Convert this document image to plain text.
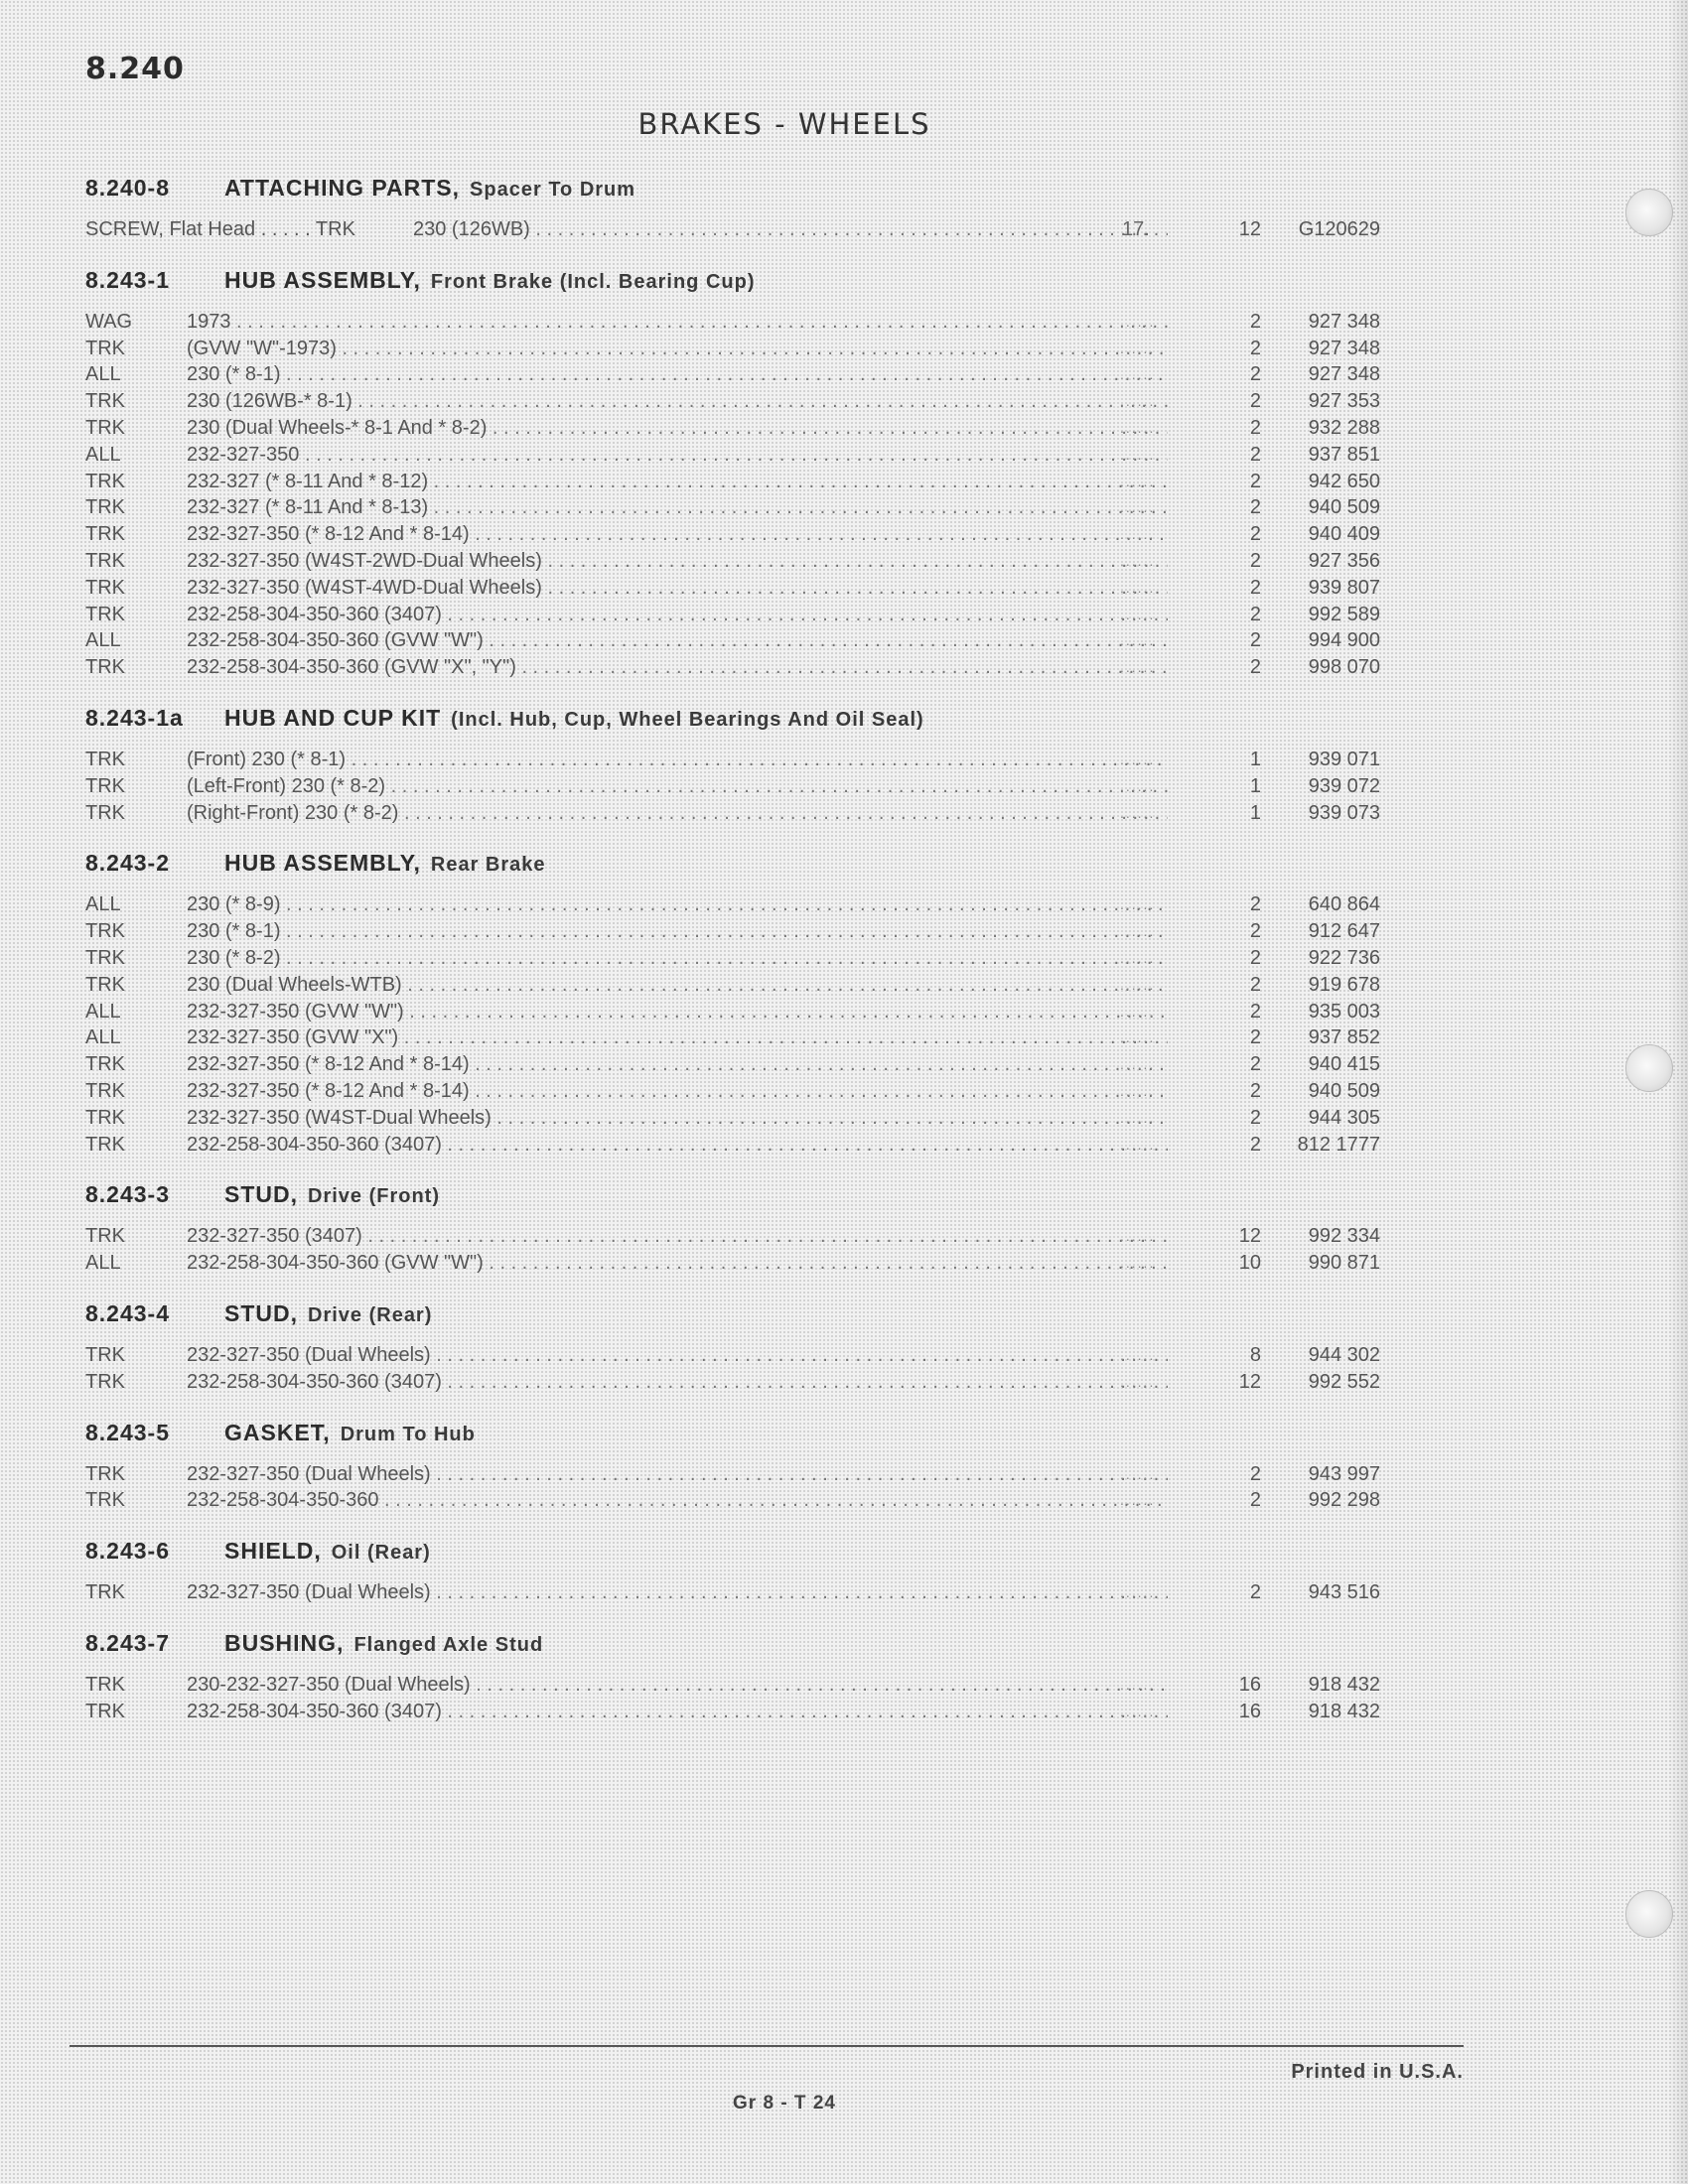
8.240
BRAKES - WHEELS
8.240-8 ATTACHING PARTS, Spacer To Drum
SCREW, Flat Head . . . . . TRK	230 (126WB) . . .	17.	12	G120629
8.243-1 HUB ASSEMBLY, Front Brake (Incl. Bearing Cup)
WAG	1973 . . .	......	2	927 348
TRK	(GVW "W"-1973) . . .	......	2	927 348
ALL	230 (* 8-1) . . .	......	2	927 348
TRK	230 (126WB-* 8-1) . . .	......	2	927 353
TRK	230 (Dual Wheels-* 8-1 And * 8-2) . . .	......	2	932 288
ALL	232-327-350 . . .	......	2	937 851
TRK	232-327 (* 8-11 And * 8-12) . . .	......	2	942 650
TRK	232-327 (* 8-11 And * 8-13) . . .	......	2	940 509
TRK	232-327-350 (* 8-12 And * 8-14) . . .	......	2	940 409
TRK	232-327-350 (W4ST-2WD-Dual Wheels) . . .	......	2	927 356
TRK	232-327-350 (W4ST-4WD-Dual Wheels) . . .	......	2	939 807
TRK	232-258-304-350-360 (3407) . . .	......	2	992 589
ALL	232-258-304-350-360 (GVW "W") . . .	......	2	994 900
TRK	232-258-304-350-360 (GVW "X", "Y") . . .	......	2	998 070
8.243-1a HUB AND CUP KIT (Incl. Hub, Cup, Wheel Bearings And Oil Seal)
TRK	(Front) 230 (* 8-1) . . .	......	1	939 071
TRK	(Left-Front) 230 (* 8-2) . . .	......	1	939 072
TRK	(Right-Front) 230 (* 8-2) . . .	......	1	939 073
8.243-2 HUB ASSEMBLY, Rear Brake
ALL	230 (* 8-9) . . .	......	2	640 864
TRK	230 (* 8-1) . . .	......	2	912 647
TRK	230 (* 8-2) . . .	......	2	922 736
TRK	230 (Dual Wheels-WTB) . . .	......	2	919 678
ALL	232-327-350 (GVW "W") . . .	......	2	935 003
ALL	232-327-350 (GVW "X") . . .	......	2	937 852
TRK	232-327-350 (* 8-12 And * 8-14) . . .	......	2	940 415
TRK	232-327-350 (* 8-12 And * 8-14) . . .	......	2	940 509
TRK	232-327-350 (W4ST-Dual Wheels) . . .	......	2	944 305
TRK	232-258-304-350-360 (3407) . . .	......	2	812 1777
8.243-3 STUD, Drive (Front)
TRK	232-327-350 (3407) . . .	......	12	992 334
ALL	232-258-304-350-360 (GVW "W") . . .	......	10	990 871
8.243-4 STUD, Drive (Rear)
TRK	232-327-350 (Dual Wheels) . . .	......	8	944 302
TRK	232-258-304-350-360 (3407) . . .	......	12	992 552
8.243-5 GASKET, Drum To Hub
TRK	232-327-350 (Dual Wheels) . . .	......	2	943 997
TRK	232-258-304-350-360 . . .	......	2	992 298
8.243-6 SHIELD, Oil (Rear)
TRK	232-327-350 (Dual Wheels) . . .	......	2	943 516
8.243-7 BUSHING, Flanged Axle Stud
TRK	230-232-327-350 (Dual Wheels) . . .	......	16	918 432
TRK	232-258-304-350-360 (3407) . . .	......	16	918 432
Printed in U.S.A.
Gr 8 - T 24
